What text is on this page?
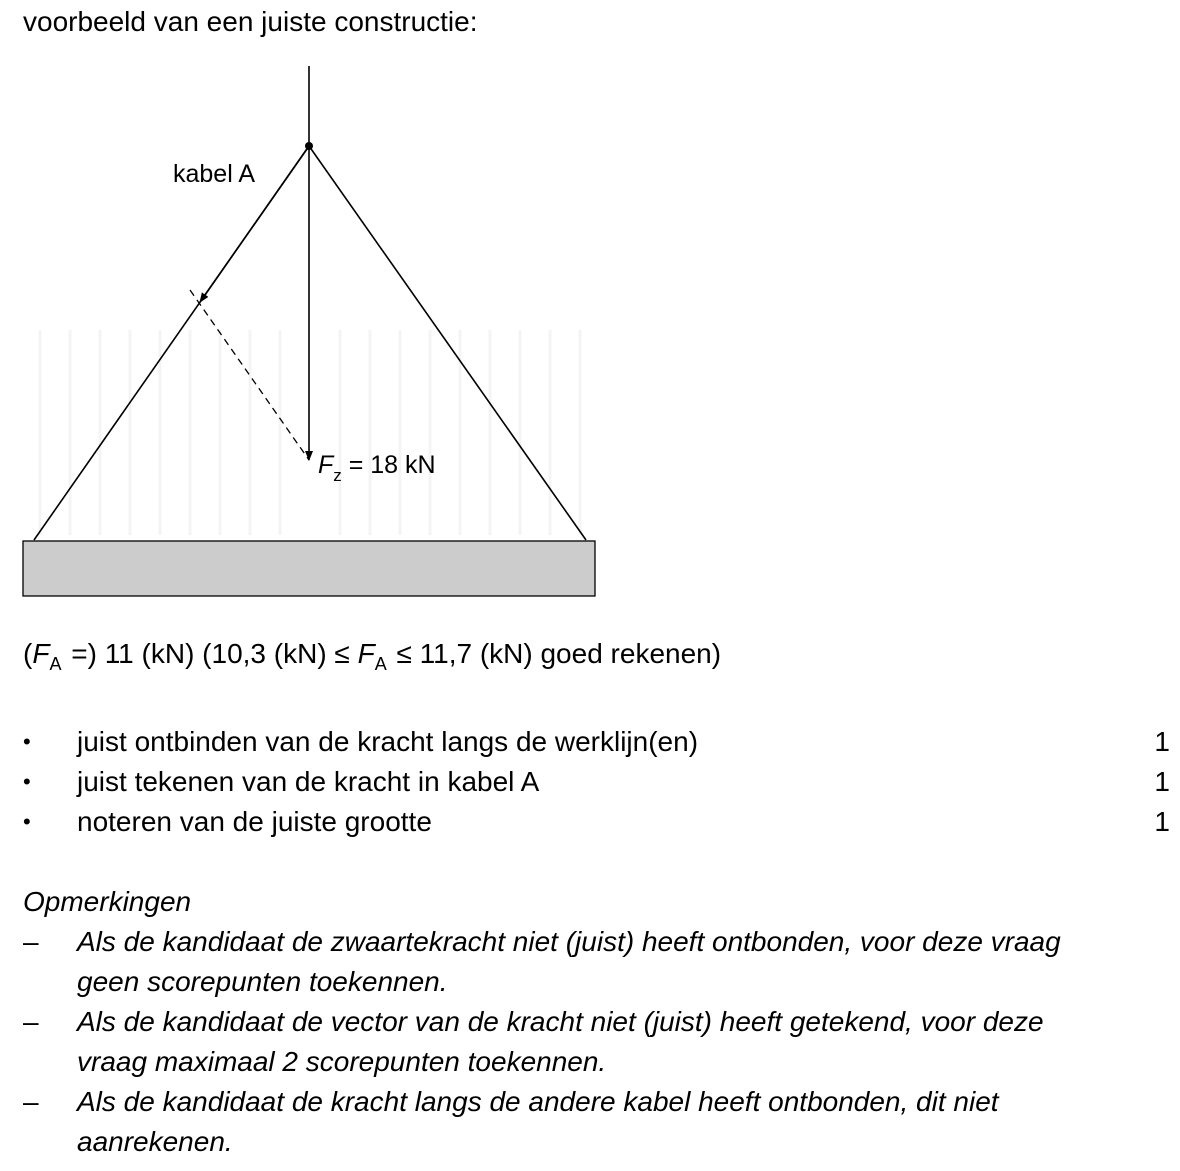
voorbeeld van een juiste constructie:
kabel A
$F_z = 18$ kN
($F_A$ =) 11 (kN) (10,3 $(kN) \le F_A \le 11,7$ (kN) goed rekenen)
• juist ontbinden van de kracht langs de werklijn(en)	1
• juist tekenen van de kracht in kabel A	1
• noteren van de juiste grootte	1
Opmerkingen
– Als de kandidaat de zwaartekracht niet (juist) heeft ontbonden, voor deze vraag geen scorepunten toekennen.
– Als de kandidaat de vector van de kracht niet (juist) heeft getekend, voor deze vraag maximaal 2 scorepunten toekennen.
– Als de kandidaat de kracht langs de andere kabel heeft ontbonden, dit niet aanrekenen.
